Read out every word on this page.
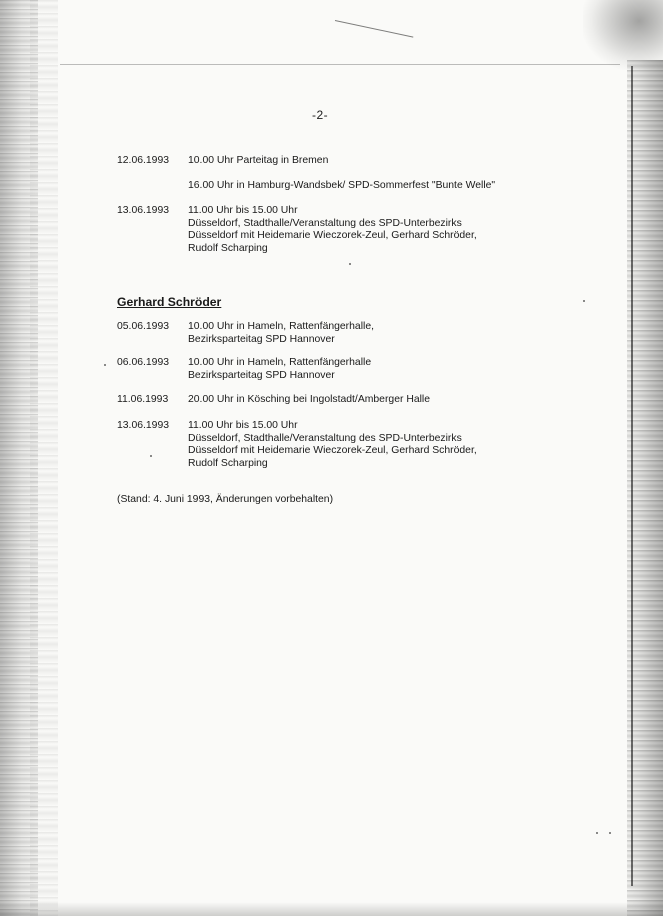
-2-
12.06.1993 10.00 Uhr Parteitag in Bremen
16.00 Uhr in Hamburg-Wandsbek/ SPD-Sommerfest "Bunte Welle"
13.06.1993 11.00 Uhr bis 15.00 Uhr
Düsseldorf, Stadthalle/Veranstaltung des SPD-Unterbezirks
Düsseldorf mit Heidemarie Wieczorek-Zeul, Gerhard Schröder,
Rudolf Scharping
Gerhard Schröder
05.06.1993 10.00 Uhr in Hameln, Rattenfängerhalle,
Bezirksparteitag SPD Hannover
06.06.1993 10.00 Uhr in Hameln, Rattenfängerhalle
Bezirksparteitag SPD Hannover
11.06.1993 20.00 Uhr in Kösching bei Ingolstadt/Amberger Halle
13.06.1993 11.00 Uhr bis 15.00 Uhr
Düsseldorf, Stadthalle/Veranstaltung des SPD-Unterbezirks
Düsseldorf mit Heidemarie Wieczorek-Zeul, Gerhard Schröder,
Rudolf Scharping
(Stand: 4. Juni 1993, Änderungen vorbehalten)
